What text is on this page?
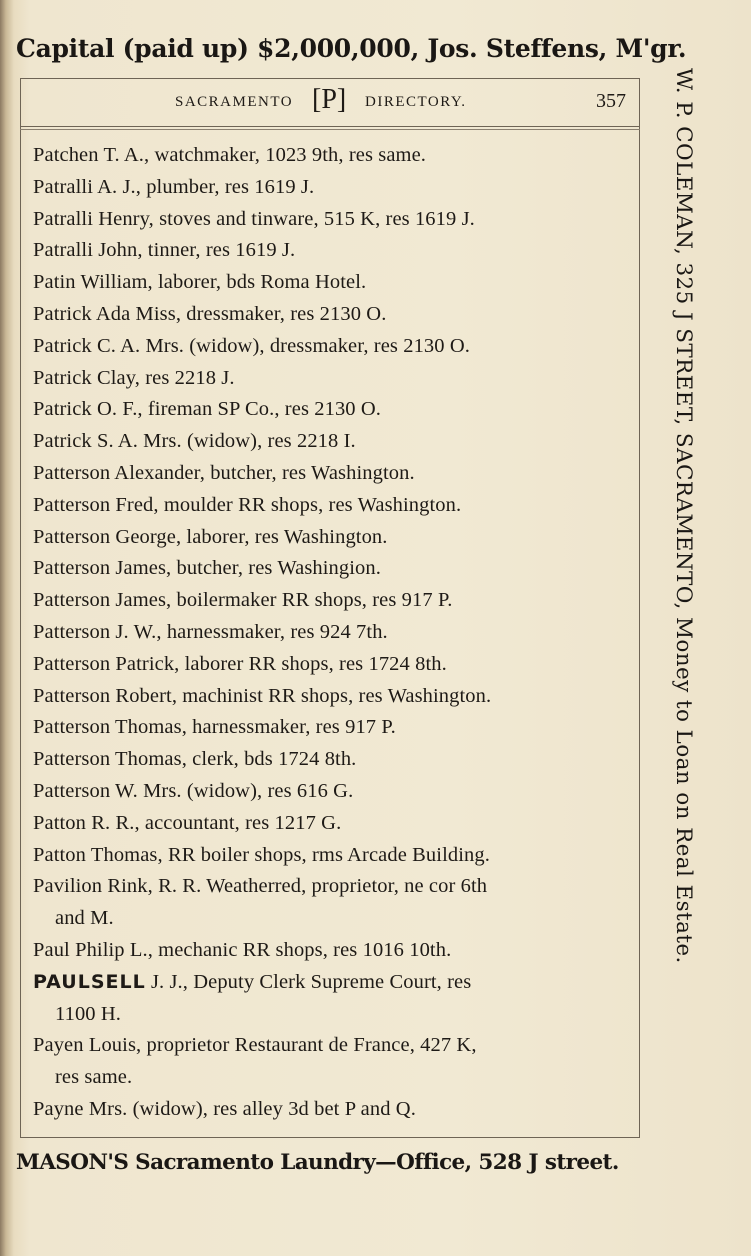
Capital (paid up) $2,000,000, Jos. Steffens, M'gr.
SACRAMENTO [P] DIRECTORY.	357
Patchen T. A., watchmaker, 1023 9th, res same.
Patralli A. J., plumber, res 1619 J.
Patralli Henry, stoves and tinware, 515 K, res 1619 J.
Patralli John, tinner, res 1619 J.
Patin William, laborer, bds Roma Hotel.
Patrick Ada Miss, dressmaker, res 2130 O.
Patrick C. A. Mrs. (widow), dressmaker, res 2130 O.
Patrick Clay, res 2218 J.
Patrick O. F., fireman SP Co., res 2130 O.
Patrick S. A. Mrs. (widow), res 2218 I.
Patterson Alexander, butcher, res Washington.
Patterson Fred, moulder RR shops, res Washington.
Patterson George, laborer, res Washington.
Patterson James, butcher, res Washingion.
Patterson James, boilermaker RR shops, res 917 P.
Patterson J. W., harnessmaker, res 924 7th.
Patterson Patrick, laborer RR shops, res 1724 8th.
Patterson Robert, machinist RR shops, res Washington.
Patterson Thomas, harnessmaker, res 917 P.
Patterson Thomas, clerk, bds 1724 8th.
Patterson W. Mrs. (widow), res 616 G.
Patton R. R., accountant, res 1217 G.
Patton Thomas, RR boiler shops, rms Arcade Building.
Pavilion Rink, R. R. Weatherred, proprietor, ne cor 6th
and M.
Paul Philip L., mechanic RR shops, res 1016 10th.
PAULSELL J. J., Deputy Clerk Supreme Court, res
1100 H.
Payen Louis, proprietor Restaurant de France, 427 K,
res same.
Payne Mrs. (widow), res alley 3d bet P and Q.
W. P. COLEMAN, 325 J STREET, SACRAMENTO, Money to Loan on Real Estate.
MASON'S Sacramento Laundry—Office, 528 J street.
